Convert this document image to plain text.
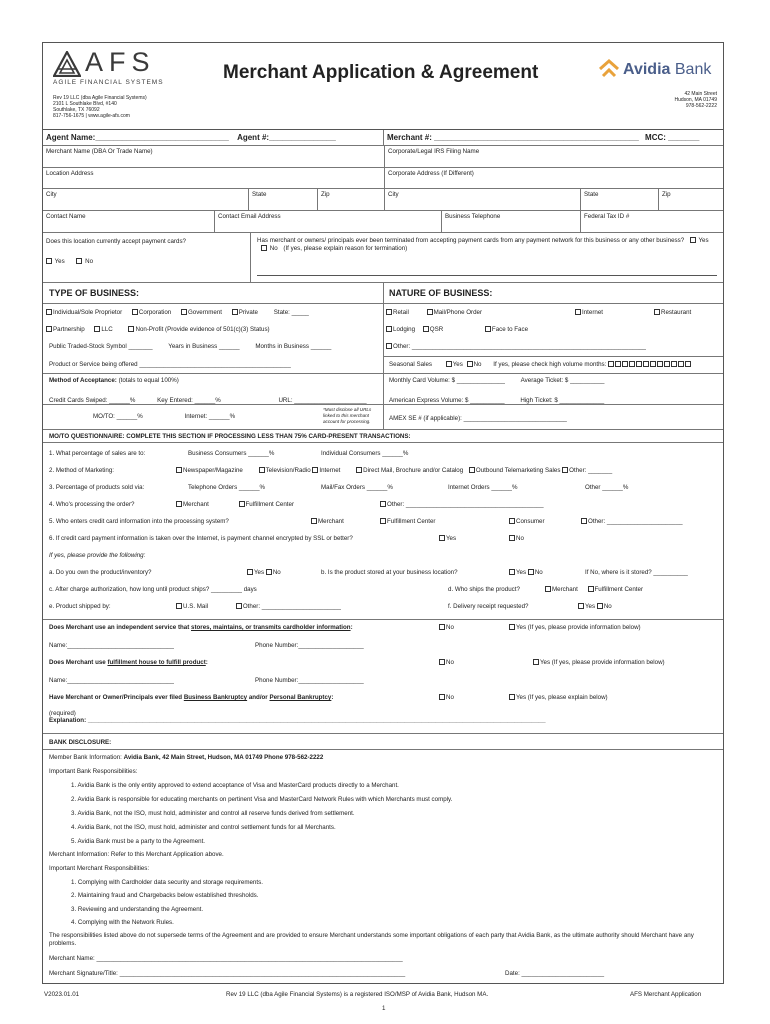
AFS
AGILE FINANCIAL SYSTEMS
Rev 19 LLC (dba Agile Financial Systems)
2101 L Southlake Blvd, #140
Southlake, TX 76092
817-756-1675 | www.agile-afs.com
Merchant Application & Agreement	Avidia Bank
42 Main Street
Hudson, MA 01749
978-562-2222
Agent Name:______________________________ Agent #:_______________	Merchant #: ______________________________________________ MCC: _______
Merchant Name (DBA Or Trade Name)	Corporate/Legal IRS Filing Name
Location Address	Corporate Address (If Different)
City	State	Zip	City	State	Zip
Contact Name	Contact Email Address	Business Telephone	Federal Tax ID #
Does this location currently accept payment cards?
Yes	No
Has merchant or owners/ principals ever been terminated from accepting payment cards from any payment network for this business or any other business? Yes  No (If yes, please explain reason for termination)
TYPE OF BUSINESS:
Individual/Sole Proprietor	Corporation	Government	Private	State: _____
Partnership	LLC	Non-Profit (Provide evidence of 501(c)(3) Status)
Public Traded-Stock Symbol _______	Years in Business ______	Months in Business ______
Product or Service being offered ____________________________________________
NATURE OF BUSINESS:
Retail	Mail/Phone Order	Internet	Restaurant
Lodging QSR	Face to Face
Other: ____________________________________________________________________
Seasonal Sales	Yes No If yes, please check high volume months:
Method of Acceptance: (totals to equal 100%)	Monthly Card Volume: $ ______________	Average Ticket: $ __________
Credit Cards Swiped: ______%	Key Entered: ______%	URL: _____________________
MO/TO: ______%	Internet: ______%
*Must disclose all URLs linked to this merchant account for processing.
American Express Volume: $ __________	High Ticket: $ _____________
AMEX SE # (if applicable): ______________________________
MO/TO QUESTIONNAIRE: COMPLETE THIS SECTION IF PROCESSING LESS THAN 75% CARD-PRESENT TRANSACTIONS:
1. What percentage of sales are to:	Business Consumers ______%	Individual Consumers ______%
2. Method of Marketing:	Newspaper/Magazine	Television/Radio Internet	Direct Mail, Brochure and/or Catalog Outbound Telemarketing Sales Other: _______
3. Percentage of products sold via:	Telephone Orders ______%	Mail/Fax Orders ______%	Internet Orders ______%	Other ______%
4. Who's processing the order?	Merchant	Fulfillment Center	Other: ________________________________________
5. Who enters credit card information into the processing system?	Merchant	Fulfillment Center	Consumer	Other: ______________________
6. If credit card payment information is taken over the Internet, is payment channel encrypted by SSL or better?	Yes	No
If yes, please provide the following:
a. Do you own the product/inventory?	Yes No	b. Is the product stored at your business location?	Yes No	If No, where is it stored? __________
c. After charge authorization, how long until product ships? _________ days	d. Who ships the product?	Merchant	Fulfillment Center
e. Product shipped by:	U.S. Mail	Other: _______________________	f. Delivery receipt requested?	Yes No
Does Merchant use an independent service that stores, maintains, or transmits cardholder information:	No	Yes (If yes, please provide information below)
Name:_______________________________	Phone Number:___________________
Does Merchant use fulfillment house to fulfill product:	No	Yes (If yes, please provide information below)
Name:_______________________________	Phone Number:___________________
Have Merchant or Owner/Principals ever filed Business Bankruptcy and/or Personal Bankruptcy:	No	Yes (If yes, please explain below)
(required)
Explanation: _____________________________________________________________________________________________________________________________________
BANK DISCLOSURE:
Member Bank Information: Avidia Bank, 42 Main Street, Hudson, MA 01749 Phone 978-562-2222
Important Bank Responsibilities:
1. Avidia Bank is the only entity approved to extend acceptance of Visa and MasterCard products directly to a Merchant.
2. Avidia Bank is responsible for educating merchants on pertinent Visa and MasterCard Network Rules with which Merchants must comply.
3. Avidia Bank, not the ISO, must hold, administer and control all reserve funds derived from settlement.
4. Avidia Bank, not the ISO, must hold, administer and control settlement funds for all Merchants.
5. Avidia Bank must be a party to the Agreement.
Merchant Information: Refer to this Merchant Application above.
Important Merchant Responsibilities:
1. Complying with Cardholder data security and storage requirements.
2. Maintaining fraud and Chargebacks below established thresholds.
3. Reviewing and understanding the Agreement.
4. Complying with the Network Rules.
The responsibilities listed above do not supersede terms of the Agreement and are provided to ensure Merchant understands some important obligations of each party that Avidia Bank, as the ultimate authority should Merchant have any problems.
Merchant Name: _________________________________________________________________________________________
Merchant Signature/Title: ___________________________________________________________________________________	Date: ________________________
V2023.01.01	Rev 19 LLC (dba Agile Financial Systems) is a registered ISO/MSP of Avidia Bank, Hudson MA.	AFS Merchant Application
1
